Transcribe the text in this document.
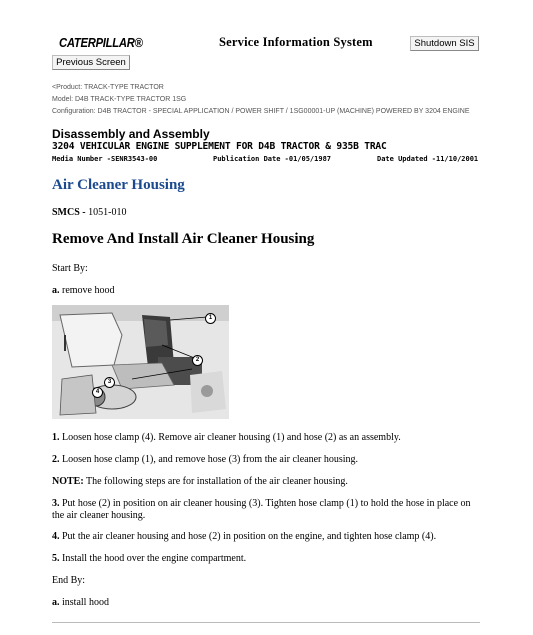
CATERPILLAR®	Service Information System	Shutdown SIS
Previous Screen
<Product: TRACK-TYPE TRACTOR
Model: D4B TRACK-TYPE TRACTOR 1SG
Configuration: D4B TRACTOR - SPECIAL APPLICATION / POWER SHIFT / 1SG00001-UP (MACHINE) POWERED BY 3204 ENGINE
Disassembly and Assembly
3204 VEHICULAR ENGINE SUPPLEMENT FOR D4B TRACTOR & 935B TRAC
Media Number -SENR3543-00	Publication Date -01/05/1987	Date Updated -11/10/2001
Air Cleaner Housing
SMCS - 1051-010
Remove And Install Air Cleaner Housing
Start By:
a. remove hood
1
2
3
4
1. Loosen hose clamp (4). Remove air cleaner housing (1) and hose (2) as an assembly.
2. Loosen hose clamp (1), and remove hose (3) from the air cleaner housing.
NOTE: The following steps are for installation of the air cleaner housing.
3. Put hose (2) in position on air cleaner housing (3). Tighten hose clamp (1) to hold the hose in place on the air cleaner housing.
4. Put the air cleaner housing and hose (2) in position on the engine, and tighten hose clamp (4).
5. Install the hood over the engine compartment.
End By:
a. install hood
